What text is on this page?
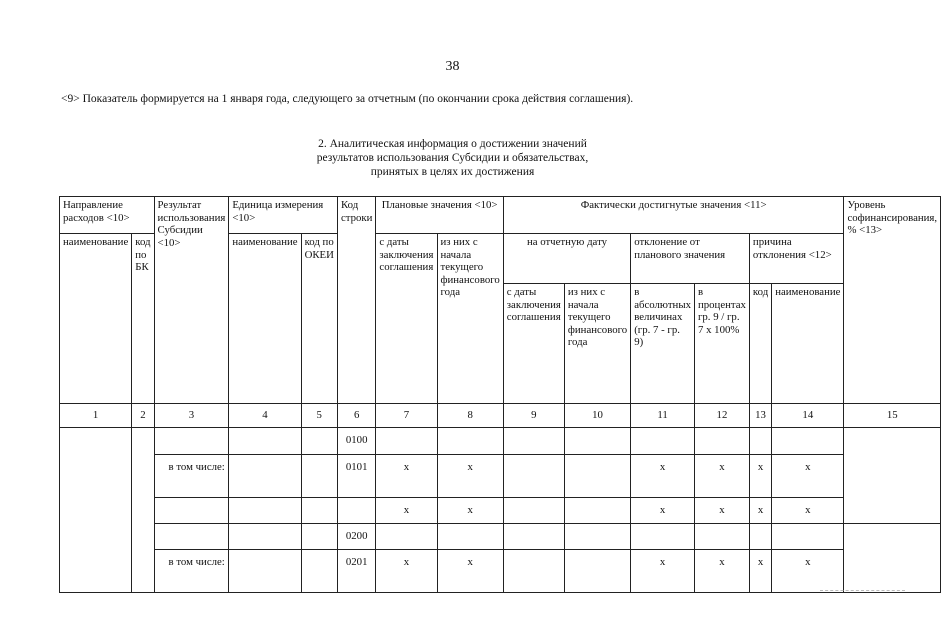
38
<9> Показатель формируется на 1 января года, следующего за отчетным (по окончании срока действия соглашения).
2. Аналитическая информация о достижении значений
результатов использования Субсидии и обязательствах,
принятых в целях их достижения
Направление расходов <10>		Результат использования Субсидии <10>	Единица измерения <10>		Код строки	Плановые значения <10>		Фактически достигнутые значения <11>						Уровень софинансирования, % <13>
наименование	код по БК		наименование	код по ОКЕИ		с даты заключения соглашения	из них с начала текущего финансового года	на отчетную дату		отклонение от планового значения		причина отклонения <12>		
								с даты заключения соглашения	из них с начала текущего финансового года	в абсолютных величинах (гр. 7 - гр. 9)	в процентах гр. 9 / гр. 7 x 100%	код	наименование	
1	2	3	4	5	6	7	8	9	10	11	12	13	14	15
					0100									
		в том числе:			0101	x	x			x	x	x	x	
						x	x			x	x	x	x	
					0200									
		в том числе:			0201	x	x			x	x	x	x	
